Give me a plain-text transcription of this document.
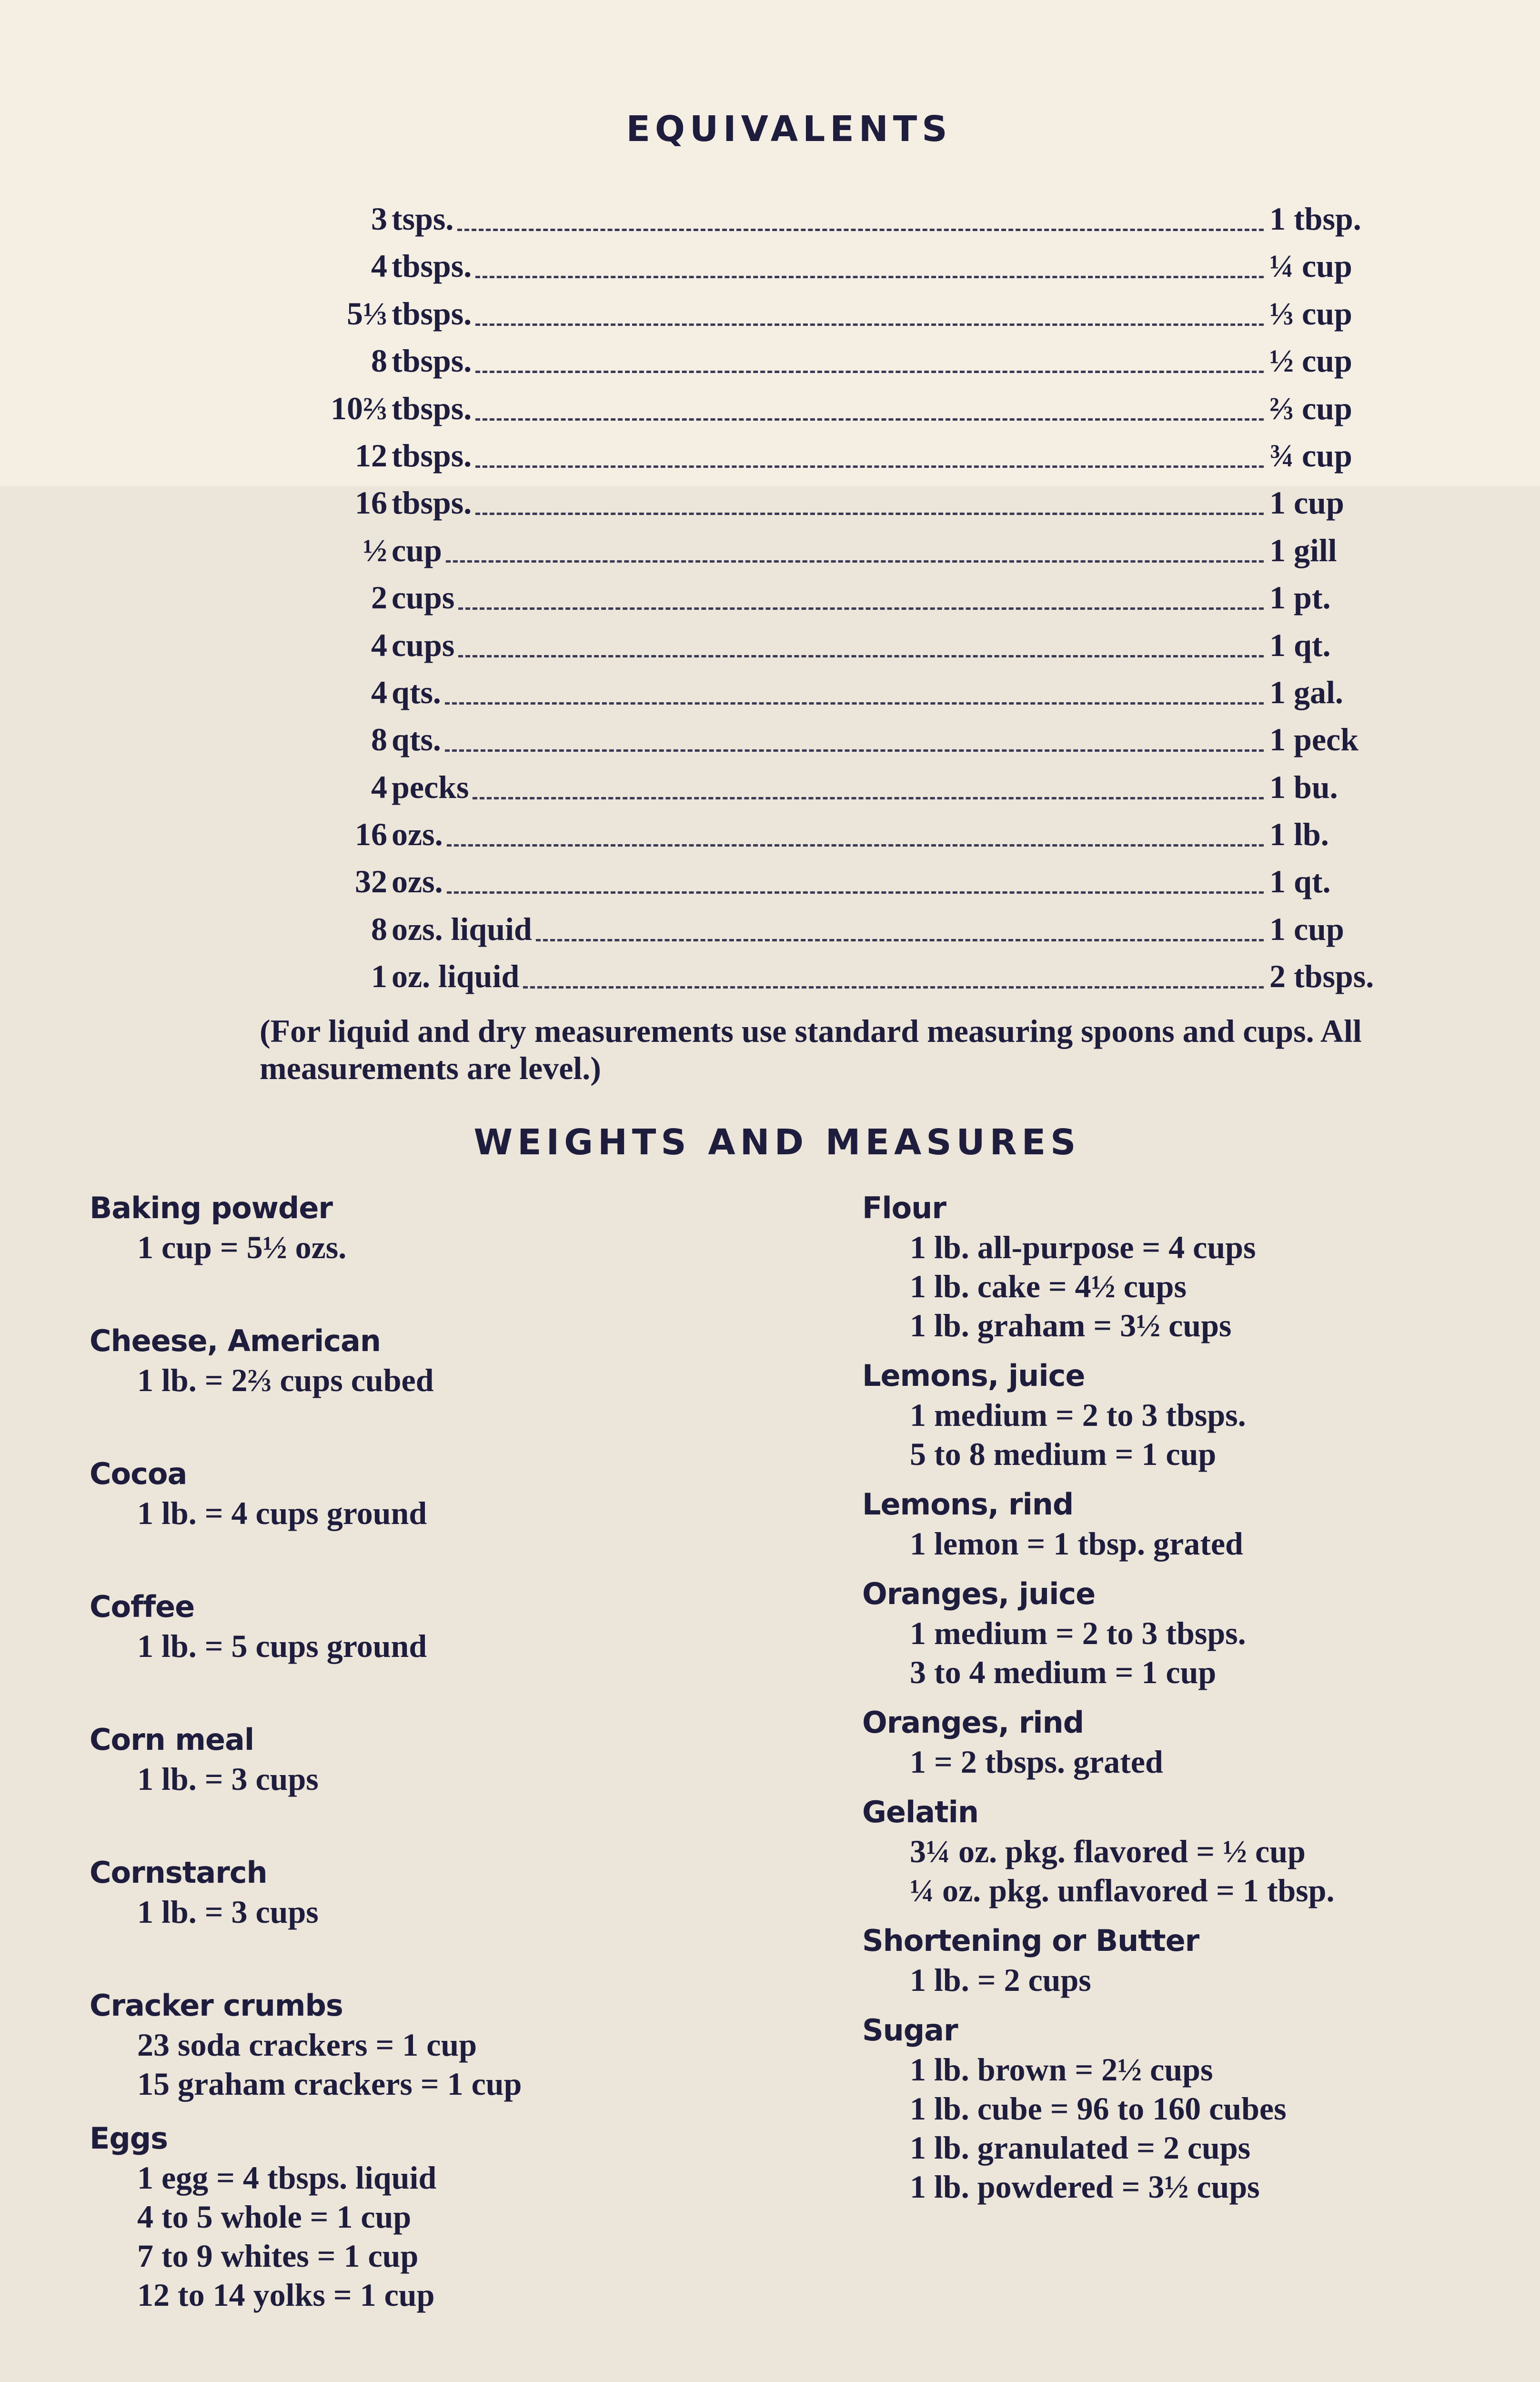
EQUIVALENTS
3 tsps.	1 tbsp.
4 tbsps.	¼ cup
5⅓ tbsps.	⅓ cup
8 tbsps.	½ cup
10⅔ tbsps.	⅔ cup
12 tbsps.	¾ cup
16 tbsps.	1 cup
½ cup	1 gill
2 cups	1 pt.
4 cups	1 qt.
4 qts.	1 gal.
8 qts.	1 peck
4 pecks	1 bu.
16 ozs.	1 lb.
32 ozs.	1 qt.
8 ozs. liquid	1 cup
1 oz. liquid	2 tbsps.
(For liquid and dry measurements use standard measuring spoons and cups. All measurements are level.)
WEIGHTS AND MEASURES
Baking powder
1 cup = 5½ ozs.
Cheese, American
1 lb. = 2⅔ cups cubed
Cocoa
1 lb. = 4 cups ground
Coffee
1 lb. = 5 cups ground
Corn meal
1 lb. = 3 cups
Cornstarch
1 lb. = 3 cups
Cracker crumbs
23 soda crackers = 1 cup
15 graham crackers = 1 cup
Eggs
1 egg = 4 tbsps. liquid
4 to 5 whole = 1 cup
7 to 9 whites = 1 cup
12 to 14 yolks = 1 cup
Flour
1 lb. all-purpose = 4 cups
1 lb. cake = 4½ cups
1 lb. graham = 3½ cups
Lemons, juice
1 medium = 2 to 3 tbsps.
5 to 8 medium = 1 cup
Lemons, rind
1 lemon = 1 tbsp. grated
Oranges, juice
1 medium = 2 to 3 tbsps.
3 to 4 medium = 1 cup
Oranges, rind
1 = 2 tbsps. grated
Gelatin
3¼ oz. pkg. flavored = ½ cup
¼ oz. pkg. unflavored = 1 tbsp.
Shortening or Butter
1 lb. = 2 cups
Sugar
1 lb. brown = 2½ cups
1 lb. cube = 96 to 160 cubes
1 lb. granulated = 2 cups
1 lb. powdered = 3½ cups
